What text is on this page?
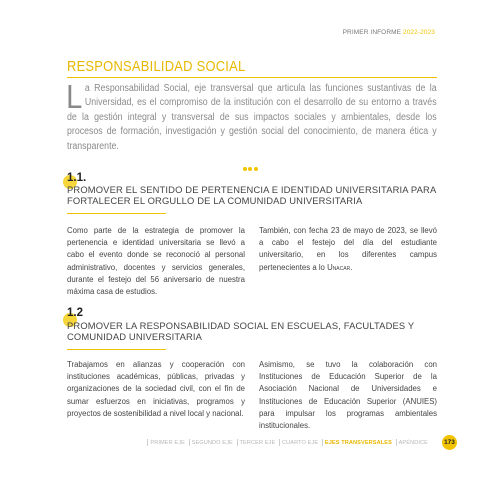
PRIMER INFORME 2022-2023
RESPONSABILIDAD SOCIAL
L a Responsabilidad Social, eje transversal que articula las funciones sustantivas de la Universidad, es el compromiso de la institución con el desarrollo de su entorno a través de la gestión integral y transversal de sus impactos sociales y ambientales, desde los procesos de formación, investigación y gestión social del conocimiento, de manera ética y transparente.
1.1.
PROMOVER EL SENTIDO DE PERTENENCIA E IDENTIDAD UNIVERSITARIA PARA FORTALECER EL ORGULLO DE LA COMUNIDAD UNIVERSITARIA
Como parte de la estrategia de promover la pertenencia e identidad universitaria se llevó a cabo el evento donde se reconoció al personal administrativo, docentes y servicios generales, durante el festejo del 56 aniversario de nuestra máxima casa de estudios.
También, con fecha 23 de mayo de 2023, se llevó a cabo el festejo del día del estudiante universitario, en los diferentes campus pertenecientes a lo Unacar.
1.2
PROMOVER LA RESPONSABILIDAD SOCIAL EN ESCUELAS, FACULTADES Y COMUNIDAD UNIVERSITARIA
Trabajamos en alianzas y cooperación con instituciones académicas, públicas, privadas y organizaciones de la sociedad civil, con el fin de sumar esfuerzos en iniciativas, programos y proyectos de sostenibilidad a nivel local y nacional.
Asimismo, se tuvo la colaboración con Instituciones de Educación Superior de la Asociación Nacional de Universidades e Instituciones de Educación Superior (ANUIES) para impulsar los programas ambientales institucionales.
PRIMER EJE SEGUNDO EJE TERCER EJE CUARTO EJE EJES TRANSVERSALES APÉNDICE	173
